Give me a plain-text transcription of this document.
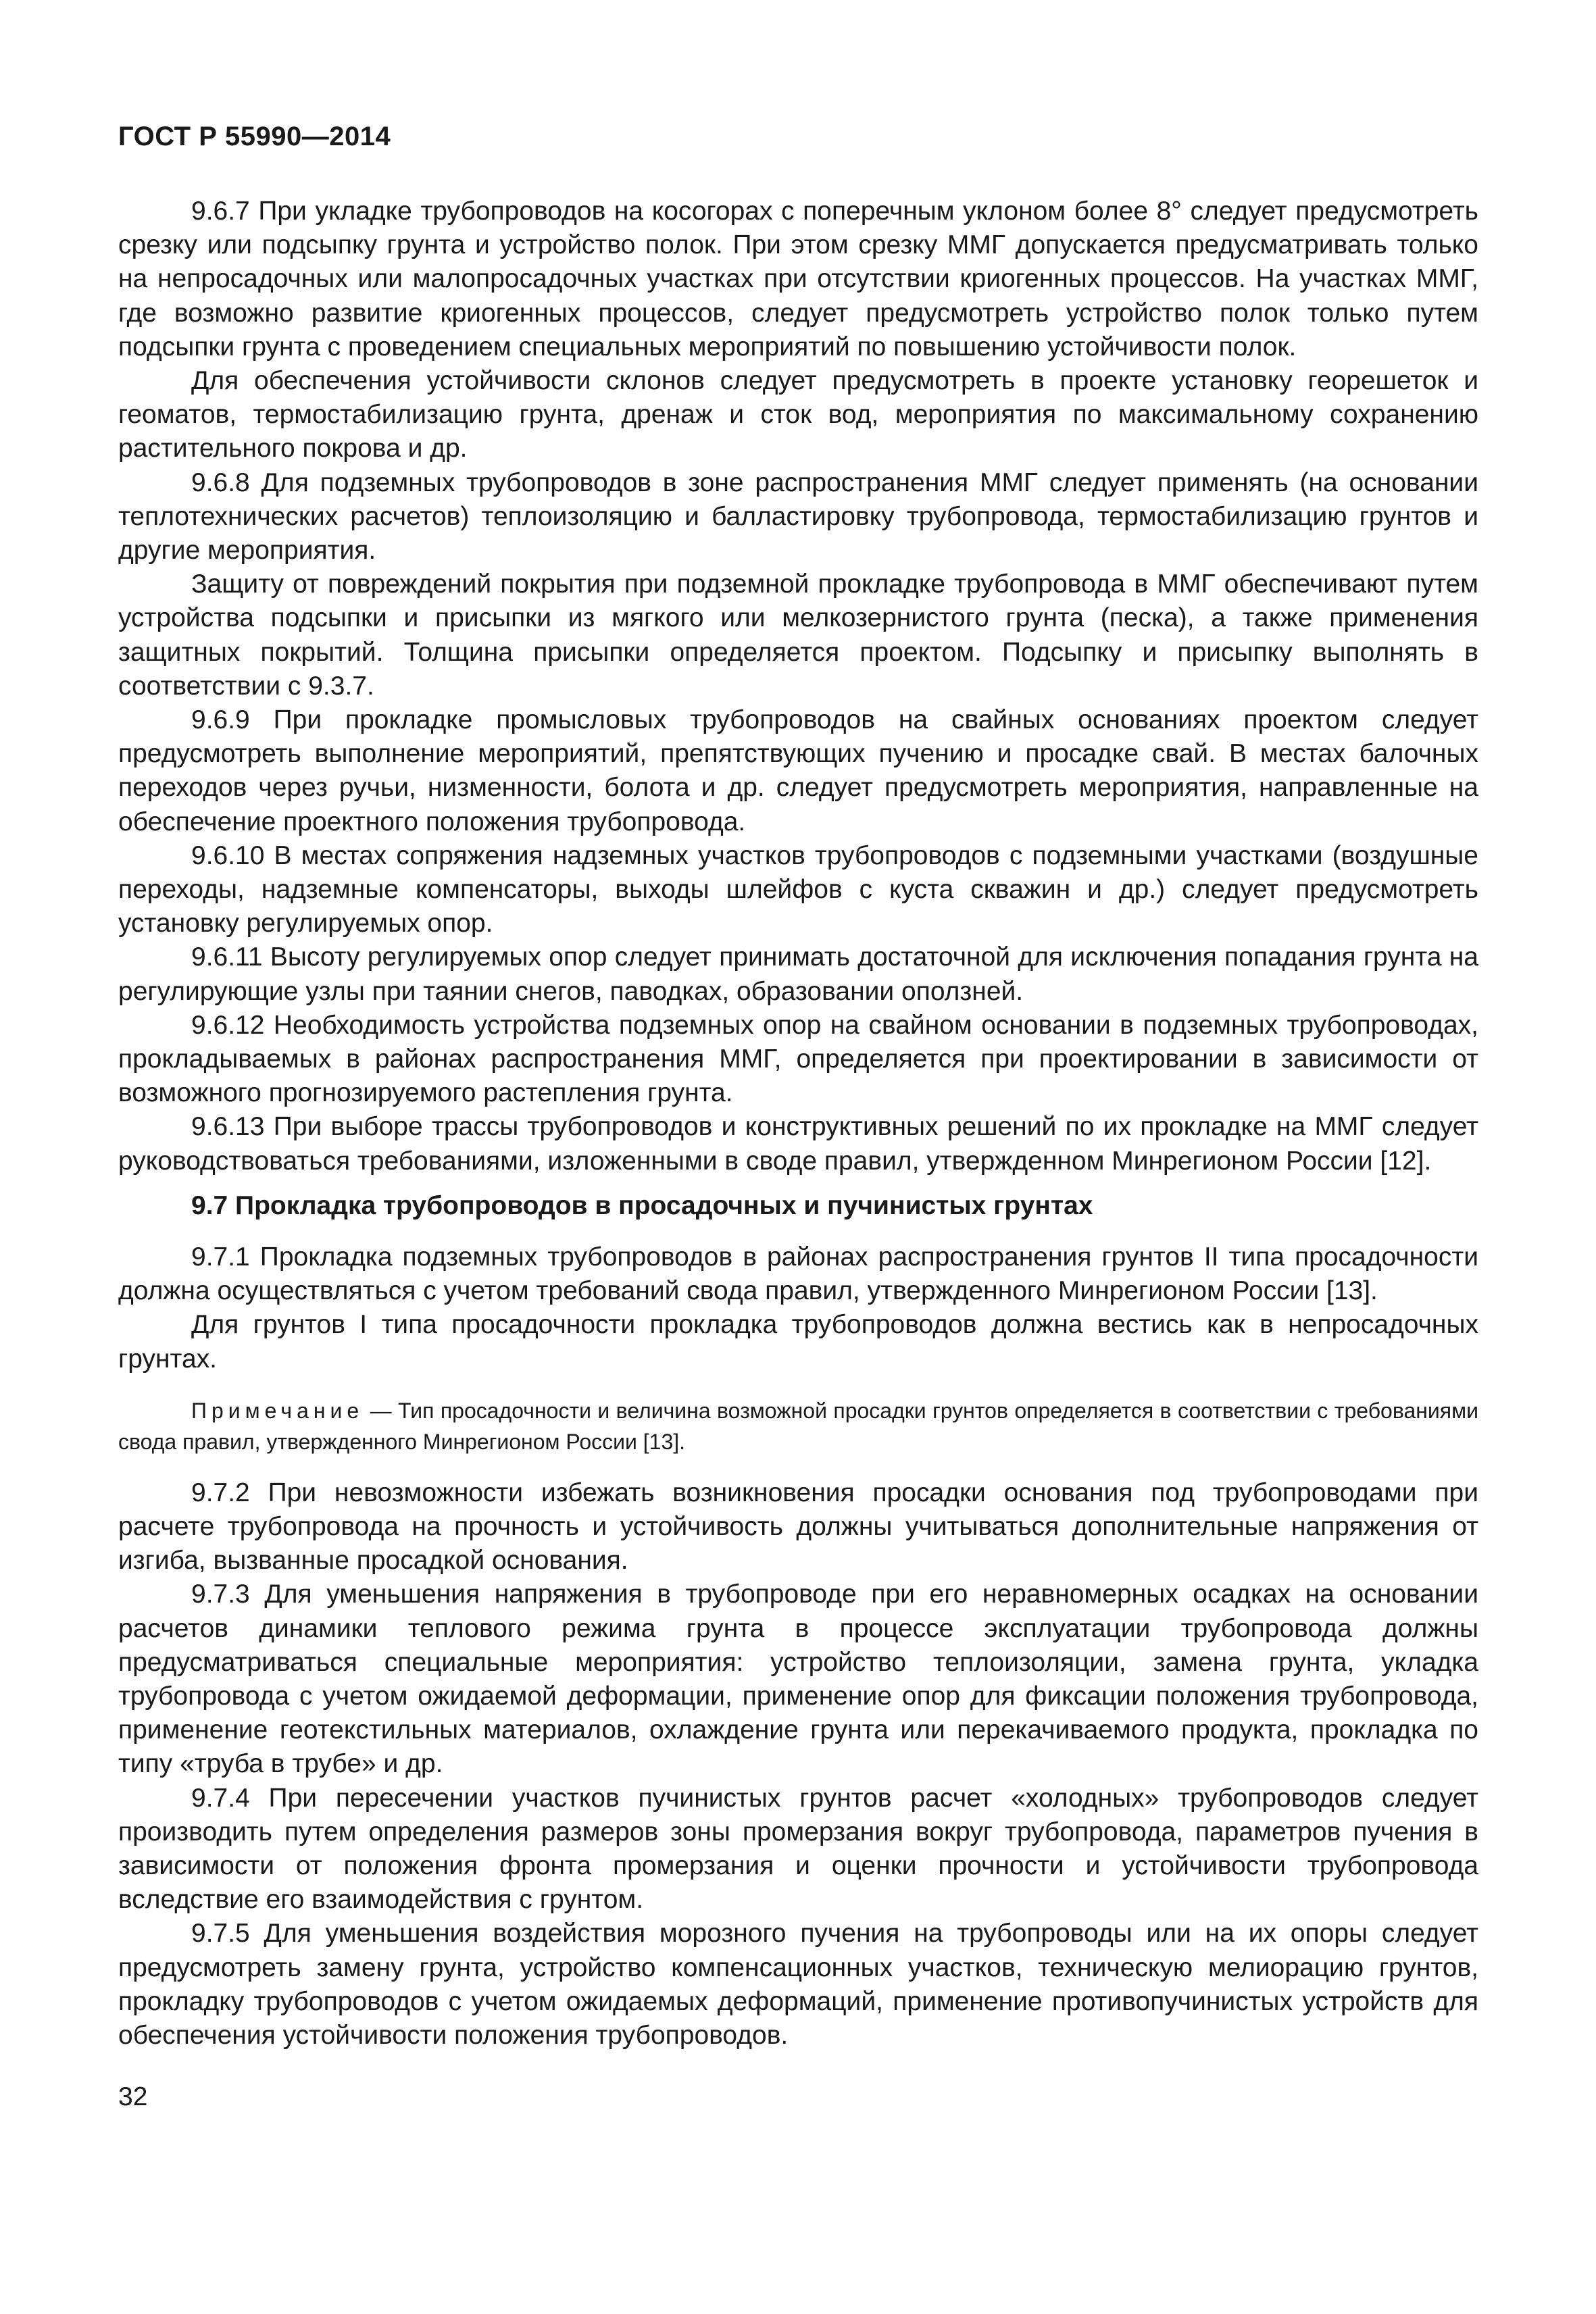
ГОСТ Р 55990—2014

9.6.7 При укладке трубопроводов на косогорах с поперечным уклоном более 8° следует предусмотреть срезку или подсыпку грунта и устройство полок. При этом срезку ММГ допускается предусматривать только на непросадочных или малопросадочных участках при отсутствии криогенных процессов. На участках ММГ, где возможно развитие криогенных процессов, следует предусмотреть устройство полок только путем подсыпки грунта с проведением специальных мероприятий по повышению устойчивости полок.

Для обеспечения устойчивости склонов следует предусмотреть в проекте установку георешеток и геоматов, термостабилизацию грунта, дренаж и сток вод, мероприятия по максимальному сохранению растительного покрова и др.

9.6.8 Для подземных трубопроводов в зоне распространения ММГ следует применять (на основании теплотехнических расчетов) теплоизоляцию и балластировку трубопровода, термостабилизацию грунтов и другие мероприятия.

Защиту от повреждений покрытия при подземной прокладке трубопровода в ММГ обеспечивают путем устройства подсыпки и присыпки из мягкого или мелкозернистого грунта (песка), а также применения защитных покрытий. Толщина присыпки определяется проектом. Подсыпку и присыпку выполнять в соответствии с 9.3.7.

9.6.9 При прокладке промысловых трубопроводов на свайных основаниях проектом следует предусмотреть выполнение мероприятий, препятствующих пучению и просадке свай. В местах балочных переходов через ручьи, низменности, болота и др. следует предусмотреть мероприятия, направленные на обеспечение проектного положения трубопровода.

9.6.10 В местах сопряжения надземных участков трубопроводов с подземными участками (воздушные переходы, надземные компенсаторы, выходы шлейфов с куста скважин и др.) следует предусмотреть установку регулируемых опор.

9.6.11 Высоту регулируемых опор следует принимать достаточной для исключения попадания грунта на регулирующие узлы при таянии снегов, паводках, образовании оползней.

9.6.12 Необходимость устройства подземных опор на свайном основании в подземных трубопроводах, прокладываемых в районах распространения ММГ, определяется при проектировании в зависимости от возможного прогнозируемого растепления грунта.

9.6.13 При выборе трассы трубопроводов и конструктивных решений по их прокладке на ММГ следует руководствоваться требованиями, изложенными в своде правил, утвержденном Минрегионом России [12].

9.7 Прокладка трубопроводов в просадочных и пучинистых грунтах

9.7.1 Прокладка подземных трубопроводов в районах распространения грунтов II типа просадочности должна осуществляться с учетом требований свода правил, утвержденного Минрегионом России [13].

Для грунтов I типа просадочности прокладка трубопроводов должна вестись как в непросадочных грунтах.

Примечание — Тип просадочности и величина возможной просадки грунтов определяется в соответствии с требованиями свода правил, утвержденного Минрегионом России [13].

9.7.2 При невозможности избежать возникновения просадки основания под трубопроводами при расчете трубопровода на прочность и устойчивость должны учитываться дополнительные напряжения от изгиба, вызванные просадкой основания.

9.7.3 Для уменьшения напряжения в трубопроводе при его неравномерных осадках на основании расчетов динамики теплового режима грунта в процессе эксплуатации трубопровода должны предусматриваться специальные мероприятия: устройство теплоизоляции, замена грунта, укладка трубопровода с учетом ожидаемой деформации, применение опор для фиксации положения трубопровода, применение геотекстильных материалов, охлаждение грунта или перекачиваемого продукта, прокладка по типу «труба в трубе» и др.

9.7.4 При пересечении участков пучинистых грунтов расчет «холодных» трубопроводов следует производить путем определения размеров зоны промерзания вокруг трубопровода, параметров пучения в зависимости от положения фронта промерзания и оценки прочности и устойчивости трубопровода вследствие его взаимодействия с грунтом.

9.7.5 Для уменьшения воздействия морозного пучения на трубопроводы или на их опоры следует предусмотреть замену грунта, устройство компенсационных участков, техническую мелиорацию грунтов, прокладку трубопроводов с учетом ожидаемых деформаций, применение противопучинистых устройств для обеспечения устойчивости положения трубопроводов.

32
